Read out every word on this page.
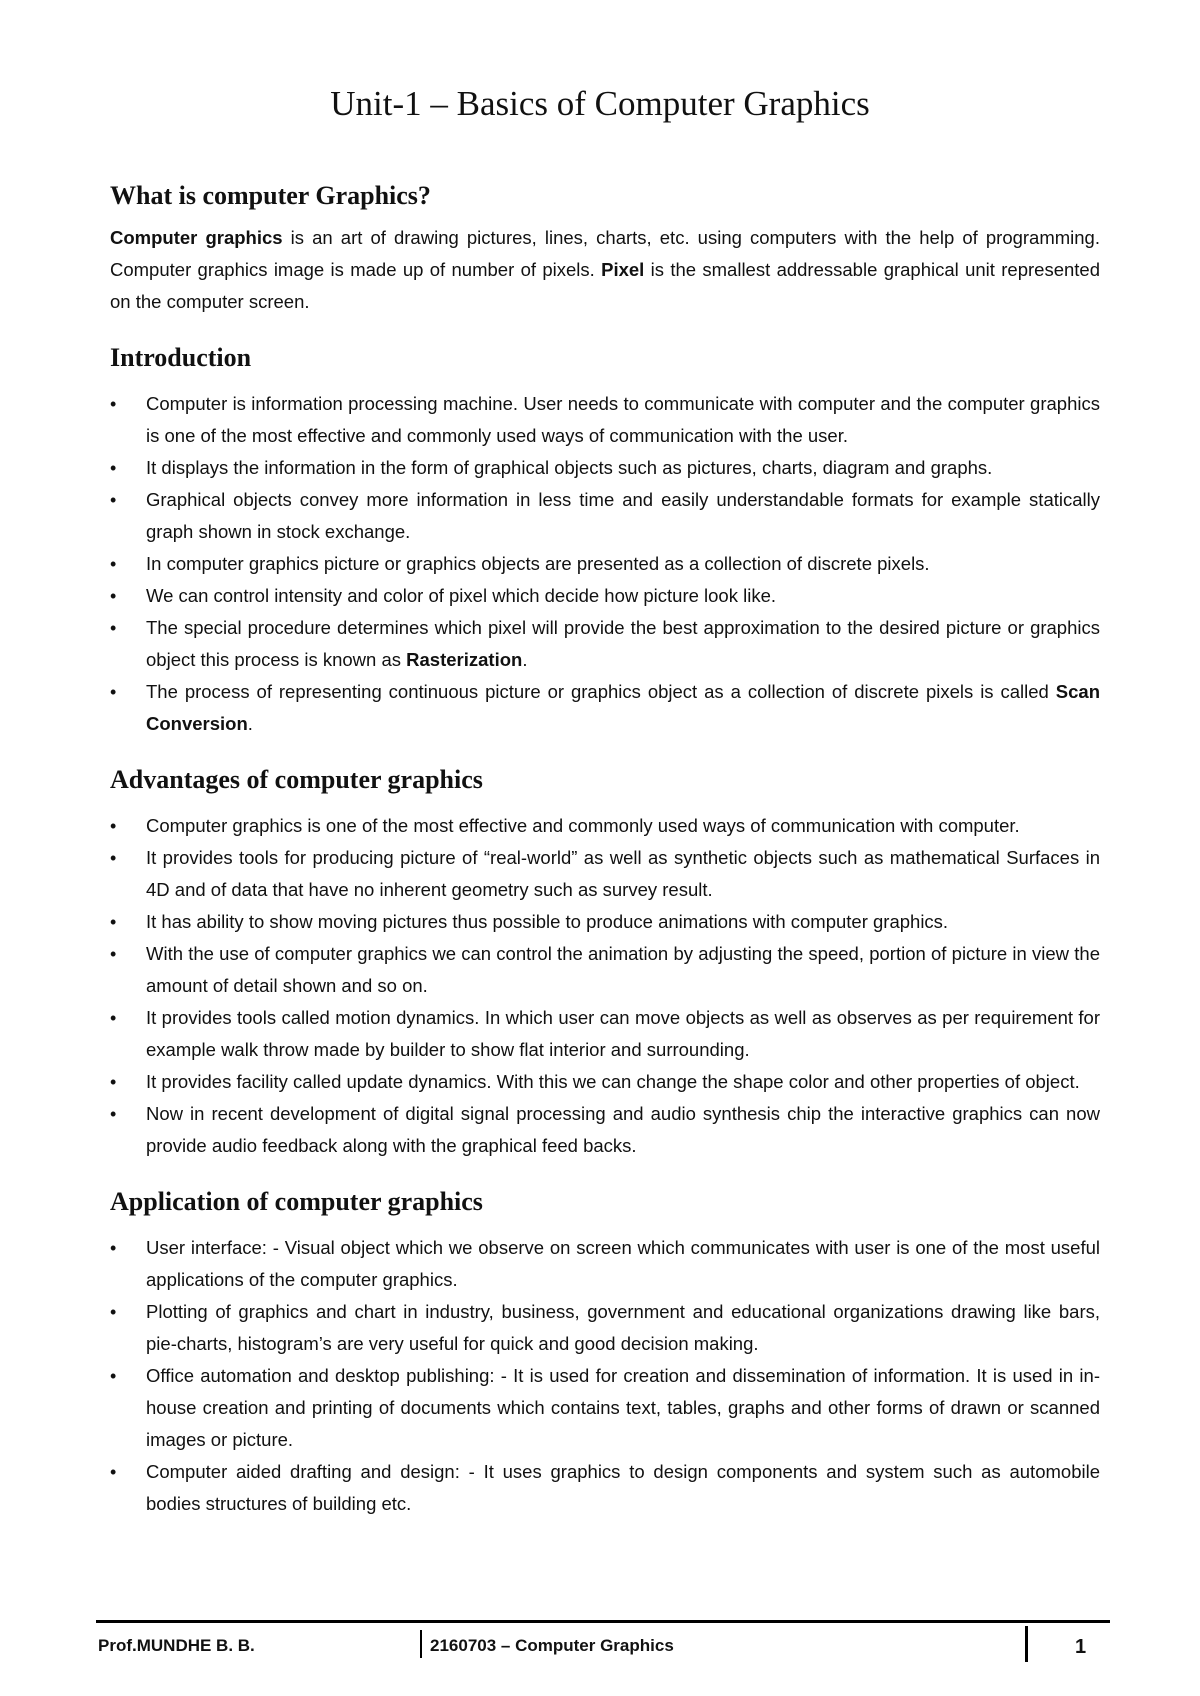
Unit-1 – Basics of Computer Graphics
What is computer Graphics?

Computer graphics is an art of drawing pictures, lines, charts, etc. using computers with the help of programming. Computer graphics image is made up of number of pixels. Pixel is the smallest addressable graphical unit represented on the computer screen.

Introduction
•	Computer is information processing machine. User needs to communicate with computer and the computer graphics is one of the most effective and commonly used ways of communication with the user.
•	It displays the information in the form of graphical objects such as pictures, charts, diagram and graphs.
•	Graphical objects convey more information in less time and easily understandable formats for example statically graph shown in stock exchange.
•	In computer graphics picture or graphics objects are presented as a collection of discrete pixels.
•	We can control intensity and color of pixel which decide how picture look like.
•	The special procedure determines which pixel will provide the best approximation to the desired picture or graphics object this process is known as Rasterization.
•	The process of representing continuous picture or graphics object as a collection of discrete pixels is called Scan Conversion.
Advantages of computer graphics
•	Computer graphics is one of the most effective and commonly used ways of communication with computer.
•	It provides tools for producing picture of “real-world” as well as synthetic objects such as mathematical Surfaces in 4D and of data that have no inherent geometry such as survey result.
•	It has ability to show moving pictures thus possible to produce animations with computer graphics.
•	With the use of computer graphics we can control the animation by adjusting the speed, portion of picture in view the amount of detail shown and so on.
•	It provides tools called motion dynamics. In which user can move objects as well as observes as per requirement for example walk throw made by builder to show flat interior and surrounding.
•	It provides facility called update dynamics. With this we can change the shape color and other properties of object.
•	Now in recent development of digital signal processing and audio synthesis chip the interactive graphics can now provide audio feedback along with the graphical feed backs.
Application of computer graphics
•	User interface: - Visual object which we observe on screen which communicates with user is one of the most useful applications of the computer graphics.
•	Plotting of graphics and chart in industry, business, government and educational organizations drawing like bars, pie-charts, histogram’s are very useful for quick and good decision making.
•	Office automation and desktop publishing: - It is used for creation and dissemination of information. It is used in in-house creation and printing of documents which contains text, tables, graphs and other forms of drawn or scanned images or picture.
•	Computer aided drafting and design: - It uses graphics to design components and system such as automobile bodies structures of building etc.
Prof.MUNDHE B. B.	2160703 – Computer Graphics	1
